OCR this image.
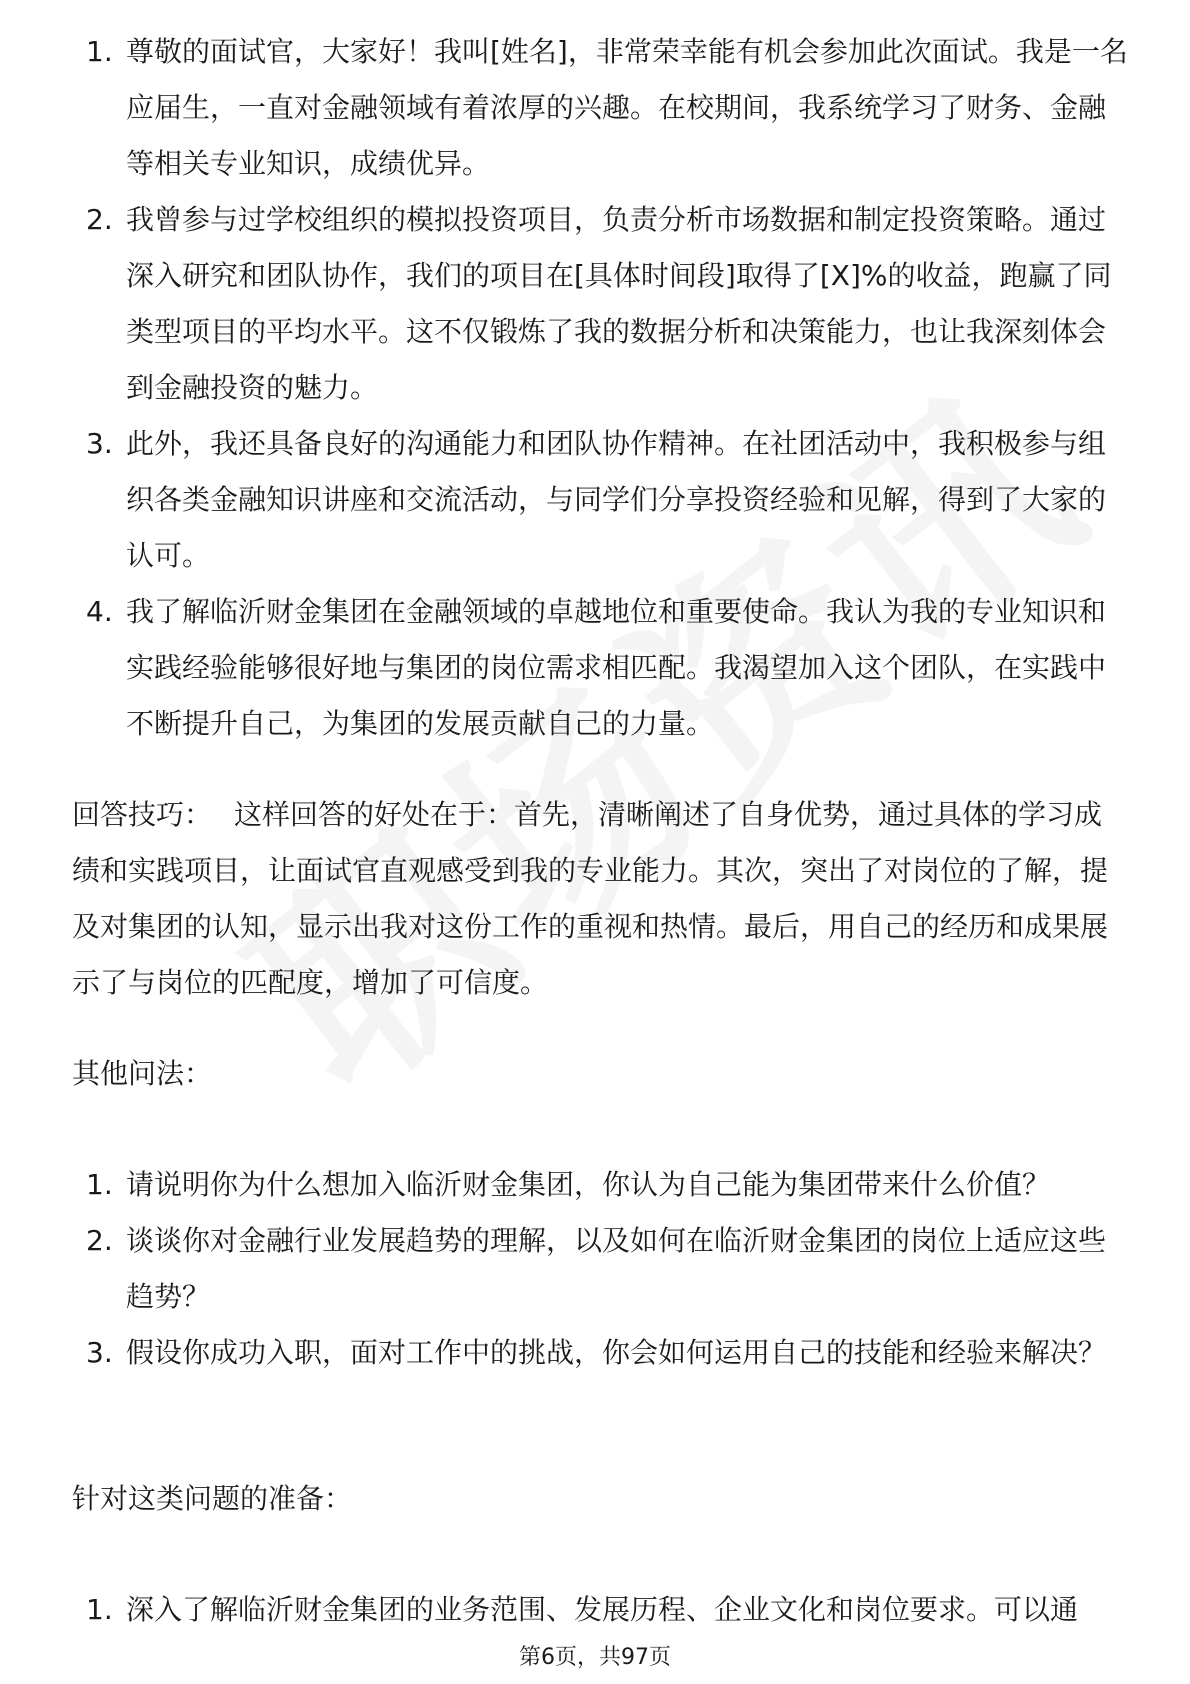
1. 尊敬的面试官，大家好！我叫[姓名]，非常荣幸能有机会参加此次面试。我是一名应届生，一直对金融领域有着浓厚的兴趣。在校期间，我系统学习了财务、金融等相关专业知识，成绩优异。
2. 我曾参与过学校组织的模拟投资项目，负责分析市场数据和制定投资策略。通过深入研究和团队协作，我们的项目在[具体时间段]取得了[X]%的收益，跑赢了同类型项目的平均水平。这不仅锻炼了我的数据分析和决策能力，也让我深刻体会到金融投资的魅力。
3. 此外，我还具备良好的沟通能力和团队协作精神。在社团活动中，我积极参与组织各类金融知识讲座和交流活动，与同学们分享投资经验和见解，得到了大家的认可。
4. 我了解临沂财金集团在金融领域的卓越地位和重要使命。我认为我的专业知识和实践经验能够很好地与集团的岗位需求相匹配。我渴望加入这个团队，在实践中不断提升自己，为集团的发展贡献自己的力量。
回答技巧： 这样回答的好处在于：首先，清晰阐述了自身优势，通过具体的学习成绩和实践项目，让面试官直观感受到我的专业能力。其次，突出了对岗位的了解，提及对集团的认知，显示出我对这份工作的重视和热情。最后，用自己的经历和成果展示了与岗位的匹配度，增加了可信度。
其他问法：
1. 请说明你为什么想加入临沂财金集团，你认为自己能为集团带来什么价值？
2. 谈谈你对金融行业发展趋势的理解，以及如何在临沂财金集团的岗位上适应这些趋势？
3. 假设你成功入职，面对工作中的挑战，你会如何运用自己的技能和经验来解决？
针对这类问题的准备：
1. 深入了解临沂财金集团的业务范围、发展历程、企业文化和岗位要求。可以通
第6页，共97页
